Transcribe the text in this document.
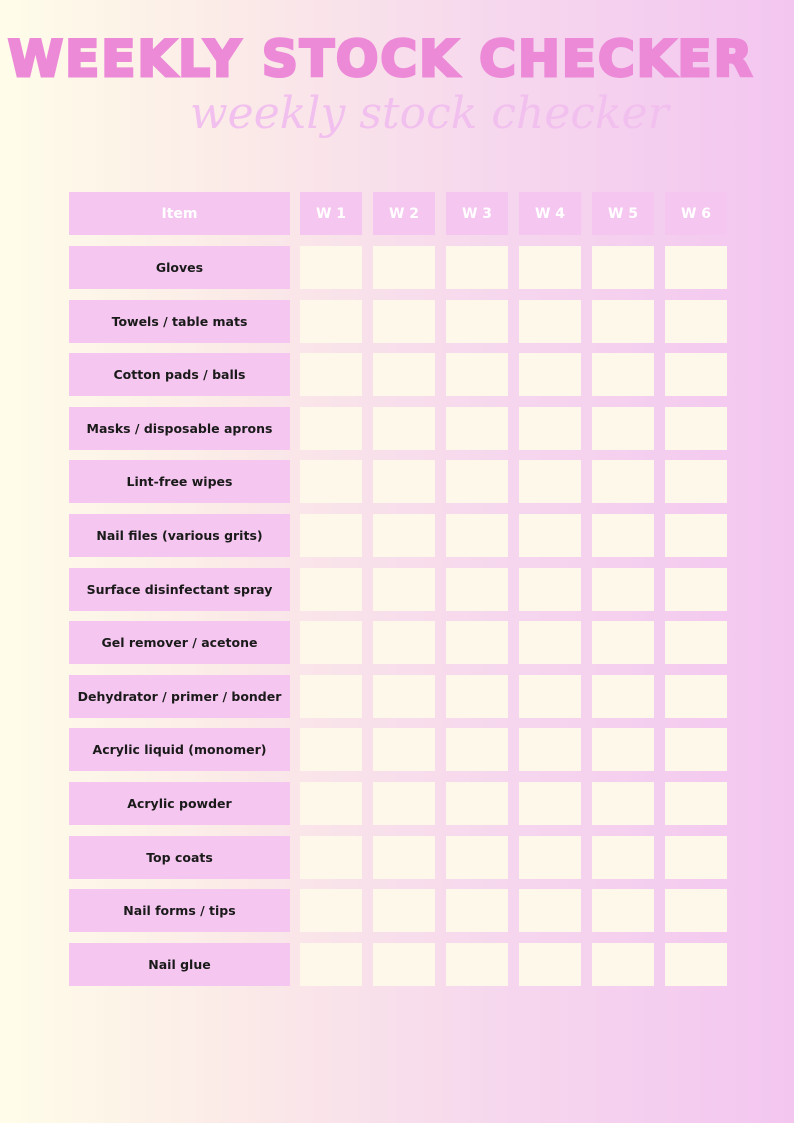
WEEKLY STOCK CHECKER
weekly stock checker
Item	W 1	W 2	W 3	W 4	W 5	W 6
Gloves
Towels / table mats
Cotton pads / balls
Masks / disposable aprons
Lint-free wipes
Nail files (various grits)
Surface disinfectant spray
Gel remover / acetone
Dehydrator / primer / bonder
Acrylic liquid (monomer)
Acrylic powder
Top coats
Nail forms / tips
Nail glue
